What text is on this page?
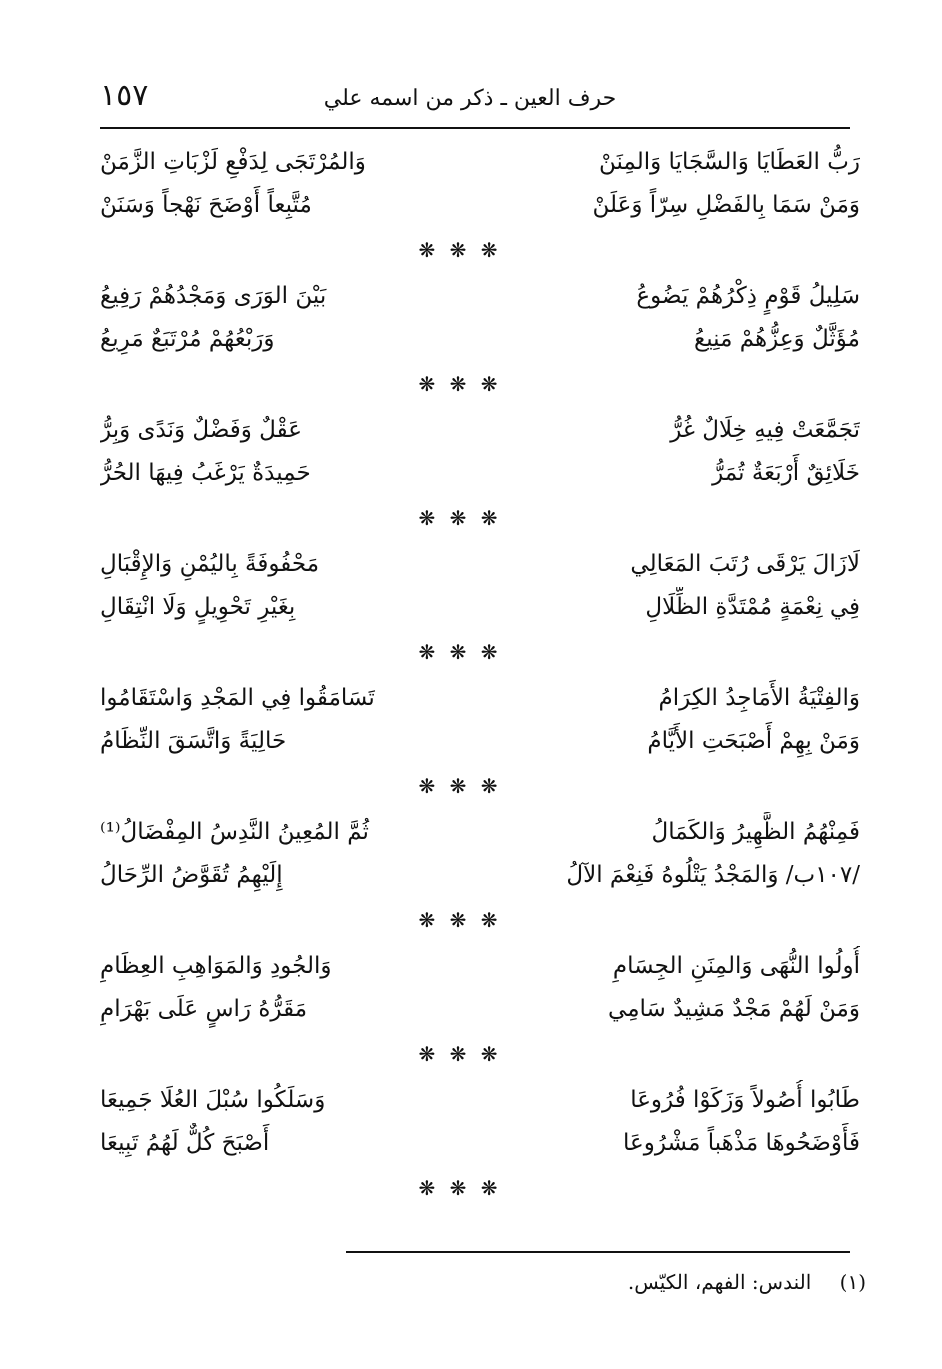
١٥٧	حرف العين ـ ذكر من اسمه علي
رَبُّ العَطَايَا وَالسَّجَايَا وَالمِنَنْ
وَالمُرْتَجَى لِدَفْعِ لَزْبَاتِ الزَّمَنْ
وَمَنْ سَمَا بِالفَضْلِ سِرّاً وَعَلَنْ
مُتَّبِعاً أَوْضَحَ نَهْجاً وَسَنَنْ
❋ ❋ ❋
سَلِيلُ قَوْمٍ ذِكْرُهُمْ يَضُوعُ
بَيْنَ الوَرَى وَمَجْدُهُمْ رَفِيعُ
مُؤَثَّلٌ وَعِزُّهُمْ مَنِيعُ
وَرَبْعُهُمْ مُرْتَبَعٌ مَرِيعُ
❋ ❋ ❋
تَجَمَّعَتْ فِيهِ خِلَالٌ غُرُّ
عَقْلٌ وَفَضْلٌ وَنَدًى وَبِرُّ
خَلَائِقٌ أَرْبَعَةٌ تُمَرُّ
حَمِيدَةٌ يَرْغَبُ فِيهَا الحُرُّ
❋ ❋ ❋
لَازَالَ يَرْقَى رُتَبَ المَعَالِي
مَحْفُوفَةً بِاليُمْنِ وَالإِقْبَالِ
فِي نِعْمَةٍ مُمْتَدَّةِ الظِّلَالِ
بِغَيْرِ تَحْوِيلٍ وَلَا انْتِقَالِ
❋ ❋ ❋
وَالفِتْيَةُ الأَمَاجِدُ الكِرَامُ
تَسَامَقُوا فِي المَجْدِ وَاسْتَقَامُوا
وَمَنْ بِهِمْ أَصْبَحَتِ الأَيَّامُ
حَالِيَةً وَاتَّسَقَ النِّظَامُ
❋ ❋ ❋
فَمِنْهُمُ الظَّهِيرُ وَالكَمَالُ
ثُمَّ المُعِينُ النَّدِسُ المِفْضَالُ⁽¹⁾
/١٠٧ب/ وَالمَجْدُ يَتْلُوهُ فَنِعْمَ الآلُ
إِلَيْهِمُ تُقَوَّضُ الرِّحَالُ
❋ ❋ ❋
أُولُوا النُّهَى وَالمِنَنِ الجِسَامِ
وَالجُودِ وَالمَوَاهِبِ العِظَامِ
وَمَنْ لَهُمْ مَجْدٌ مَشِيدٌ سَامِي
مَقَرُّهُ رَاسٍ عَلَى بَهْرَامِ
❋ ❋ ❋
طَابُوا أُصُولاً وَزَكَوْا فُرُوعَا
وَسَلَكُوا سُبْلَ العُلَا جَمِيعَا
فَأَوْضَحُوهَا مَذْهَباً مَشْرُوعَا
أَصْبَحَ كُلٌّ لَهُمُ تَبِيعَا
❋ ❋ ❋
(١) الندس: الفهم، الكيّس.
